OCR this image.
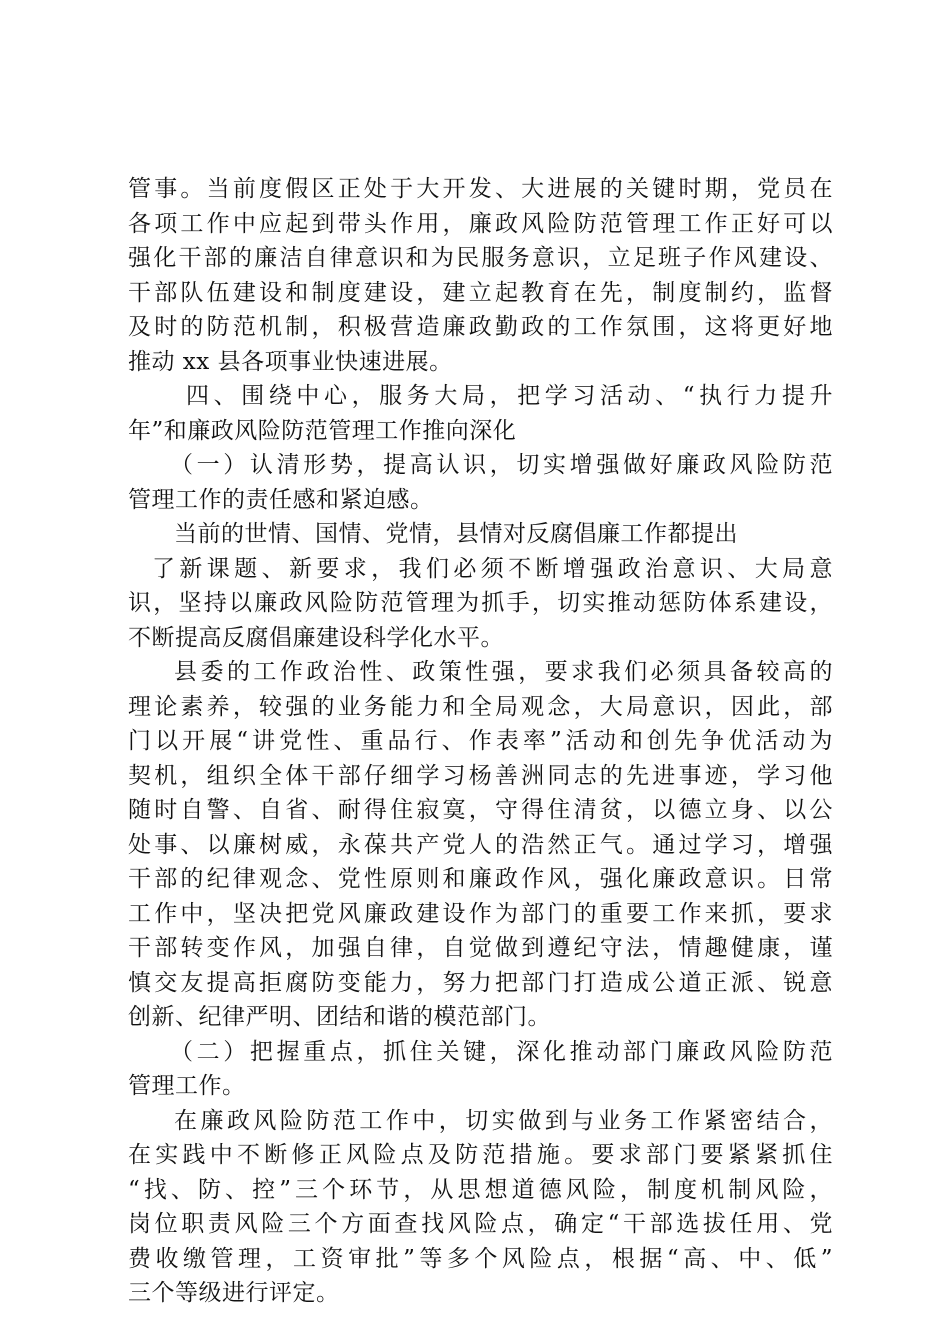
管事。当前度假区正处于大开发、大进展的关键时期，党员在
各项工作中应起到带头作用，廉政风险防范管理工作正好可以
强化干部的廉洁自律意识和为民服务意识，立足班子作风建设、
干部队伍建设和制度建设，建立起教育在先，制度制约，监督
及时的防范机制，积极营造廉政勤政的工作氛围，这将更好地
推动 xx 县各项事业快速进展。
四、围绕中心，服务大局，把学习活动、“执行力提升
年”和廉政风险防范管理工作推向深化
（一）认清形势，提高认识，切实增强做好廉政风险防范
管理工作的责任感和紧迫感。
当前的世情、国情、党情，县情对反腐倡廉工作都提出
了新课题、新要求，我们必须不断增强政治意识、大局意
识，坚持以廉政风险防范管理为抓手，切实推动惩防体系建设，
不断提高反腐倡廉建设科学化水平。
县委的工作政治性、政策性强，要求我们必须具备较高的
理论素养，较强的业务能力和全局观念，大局意识，因此，部
门以开展“讲党性、重品行、作表率”活动和创先争优活动为
契机，组织全体干部仔细学习杨善洲同志的先进事迹，学习他
随时自警、自省、耐得住寂寞，守得住清贫，以德立身、以公
处事、以廉树威，永葆共产党人的浩然正气。通过学习，增强
干部的纪律观念、党性原则和廉政作风，强化廉政意识。日常
工作中，坚决把党风廉政建设作为部门的重要工作来抓，要求
干部转变作风，加强自律，自觉做到遵纪守法，情趣健康，谨
慎交友提高拒腐防变能力，努力把部门打造成公道正派、锐意
创新、纪律严明、团结和谐的模范部门。
（二）把握重点，抓住关键，深化推动部门廉政风险防范
管理工作。
在廉政风险防范工作中，切实做到与业务工作紧密结合，
在实践中不断修正风险点及防范措施。要求部门要紧紧抓住
“找、防、控”三个环节，从思想道德风险，制度机制风险，
岗位职责风险三个方面查找风险点，确定“干部选拔任用、党
费收缴管理，工资审批”等多个风险点，根据“高、中、低”
三个等级进行评定。
